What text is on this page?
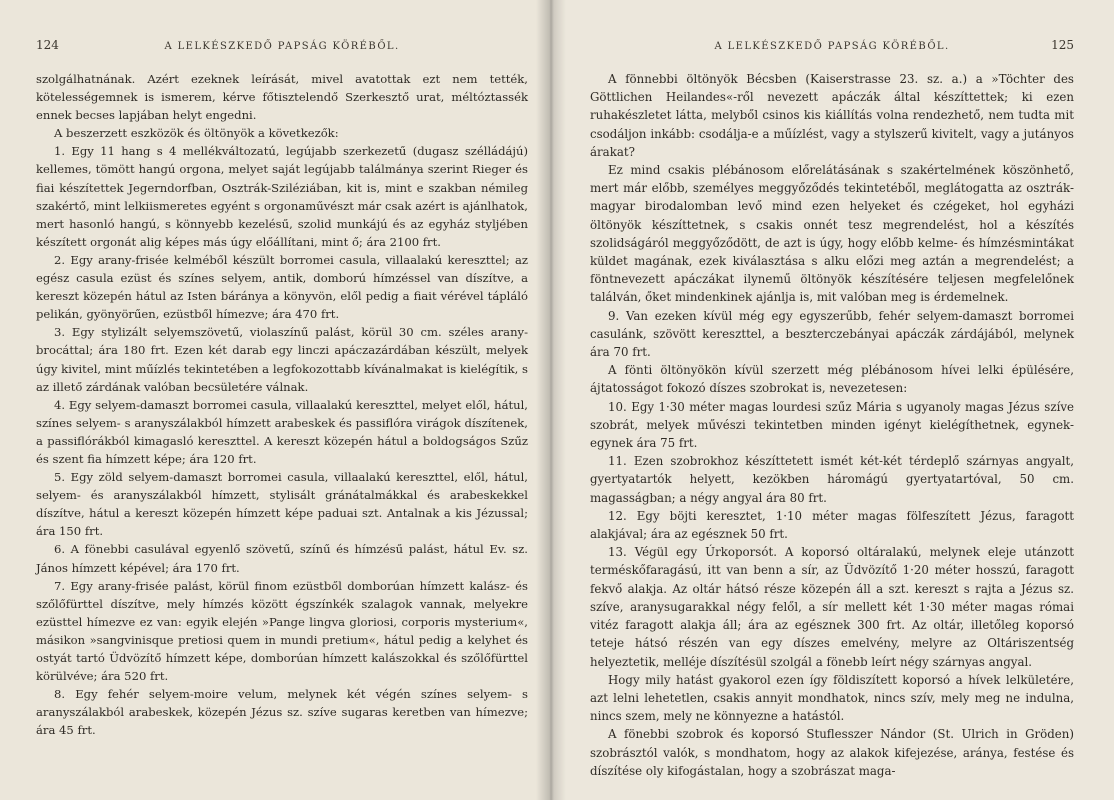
124	A LELKÉSZKEDŐ PAPSÁG KÖRÉBŐL.

szolgálhatnának. Azért ezeknek leírását, mivel avatottak ezt nem tették, kötelességemnek is ismerem, kérve főtisztelendő Szerkesztő urat, méltóztassék ennek becses lapjában helyt engedni.

A beszerzett eszközök és öltönyök a következők:

1. Egy 11 hang s 4 mellékváltozatú, legújabb szerkezetű (dugasz szélládájú) kellemes, tömött hangú orgona, melyet saját legújabb találmánya szerint Rieger és fiai készítettek Jegerndorfban, Osztrák-Sziléziában, kit is, mint e szakban némileg szakértő, mint lelkiismeretes egyént s orgonaművészt már csak azért is ajánlhatok, mert hasonló hangú, s könnyebb kezelésű, szolid munkájú és az egyház styljében készített orgonát alig képes más úgy előállítani, mint ő; ára 2100 frt.

2. Egy arany-frisée kelméből készült borromei casula, villaalakú kereszttel; az egész casula ezüst és színes selyem, antik, domború hímzéssel van díszítve, a kereszt közepén hátul az Isten báránya a könyvön, elől pedig a fiait vérével tápláló pelikán, gyönyörűen, ezüstből hímezve; ára 470 frt.

3. Egy stylizált selyemszövetű, violaszínű palást, körül 30 cm. széles arany-brocáttal; ára 180 frt. Ezen két darab egy linczi apáczazárdában készült, melyek úgy kivitel, mint műízlés tekintetében a legfokozottabb kívánalmakat is kielégítik, s az illető zárdának valóban becsületére válnak.

4. Egy selyem-damaszt borromei casula, villaalakú kereszttel, melyet elől, hátul, színes selyem- s aranyszálakból hímzett arabeskek és passiflóra virágok díszítenek, a passiflórákból kimagasló kereszttel. A kereszt közepén hátul a boldogságos Szűz és szent fia hímzett képe; ára 120 frt.

5. Egy zöld selyem-damaszt borromei casula, villaalakú kereszttel, elől, hátul, selyem- és aranyszálakból hímzett, stylisált gránátalmákkal és arabeskekkel díszítve, hátul a kereszt közepén hímzett képe paduai szt. Antalnak a kis Jézussal; ára 150 frt.

6. A fönebbi casulával egyenlő szövetű, színű és hímzésű palást, hátul Ev. sz. János hímzett képével; ára 170 frt.

7. Egy arany-frisée palást, körül finom ezüstből domborúan hímzett kalász- és szőlőfürttel díszítve, mely hímzés között égszínkék szalagok vannak, melyekre ezüsttel hímezve ez van: egyik elején »Pange lingva gloriosi, corporis mysterium«, másikon »sangvinisque pretiosi quem in mundi pretium«, hátul pedig a kelyhet és ostyát tartó Üdvözítő hímzett képe, domborúan hímzett kalászokkal és szőlőfürttel körülvéve; ára 520 frt.

8. Egy fehér selyem-moire velum, melynek két végén színes selyem- s aranyszálakból arabeskek, közepén Jézus sz. szíve sugaras keretben van hímezve; ára 45 frt.

A LELKÉSZKEDŐ PAPSÁG KÖRÉBŐL.	125

A fönnebbi öltönyök Bécsben (Kaiserstrasse 23. sz. a.) a »Töchter des Göttlichen Heilandes«-ről nevezett apáczák által készíttettek; ki ezen ruhakészletet látta, melyből csinos kis kiállítás volna rendezhető, nem tudta mit csodáljon inkább: csodálja-e a műízlést, vagy a stylszerű kivitelt, vagy a jutányos árakat?

Ez mind csakis plébánosom előrelátásának s szakértelmének köszönhető, mert már előbb, személyes meggyőződés tekintetéből, meglátogatta az osztrák-magyar birodalomban levő mind ezen helyeket és czégeket, hol egyházi öltönyök készíttetnek, s csakis onnét tesz megrendelést, hol a készítés szolidságáról meggyőződött, de azt is úgy, hogy előbb kelme- és hímzésmintákat küldet magának, ezek kiválasztása s alku előzi meg aztán a megrendelést; a föntnevezett apáczákat ilynemű öltönyök készítésére teljesen megfelelőnek találván, őket mindenkinek ajánlja is, mit valóban meg is érdemelnek.

9. Van ezeken kívül még egy egyszerűbb, fehér selyem-damaszt borromei casulánk, szövött kereszttel, a beszterczebányai apáczák zárdájából, melynek ára 70 frt.

A fönti öltönyökön kívül szerzett még plébánosom hívei lelki épülésére, ájtatosságot fokozó díszes szobrokat is, nevezetesen:

10. Egy 1·30 méter magas lourdesi szűz Mária s ugyanoly magas Jézus szíve szobrát, melyek művészi tekintetben minden igényt kielégíthetnek, egynek-egynek ára 75 frt.

11. Ezen szobrokhoz készíttetett ismét két-két térdeplő szárnyas angyalt, gyertyatartók helyett, kezökben háromágú gyertyatartóval, 50 cm. magasságban; a négy angyal ára 80 frt.

12. Egy böjti keresztet, 1·10 méter magas fölfeszített Jézus, faragott alakjával; ára az egésznek 50 frt.

13. Végül egy Úrkoporsót. A koporsó oltáralakú, melynek eleje utánzott terméskőfaragású, itt van benn a sír, az Üdvözítő 1·20 méter hosszú, faragott fekvő alakja. Az oltár hátsó része közepén áll a szt. kereszt s rajta a Jézus sz. szíve, aranysugarakkal négy felől, a sír mellett két 1·30 méter magas római vitéz faragott alakja áll; ára az egésznek 300 frt. Az oltár, illetőleg koporsó teteje hátsó részén van egy díszes emelvény, melyre az Oltáriszentség helyeztetik, melléje díszítésül szolgál a fönebb leírt négy szárnyas angyal.

Hogy mily hatást gyakorol ezen így földiszített koporsó a hívek lelkületére, azt lelni lehetetlen, csakis annyit mondhatok, nincs szív, mely meg ne indulna, nincs szem, mely ne könnyezne a hatástól.

A fönebbi szobrok és koporsó Stuflesszer Nándor (St. Ulrich in Gröden) szobrásztól valók, s mondhatom, hogy az alakok kifejezése, aránya, festése és díszítése oly kifogástalan, hogy a szobrászat maga-
